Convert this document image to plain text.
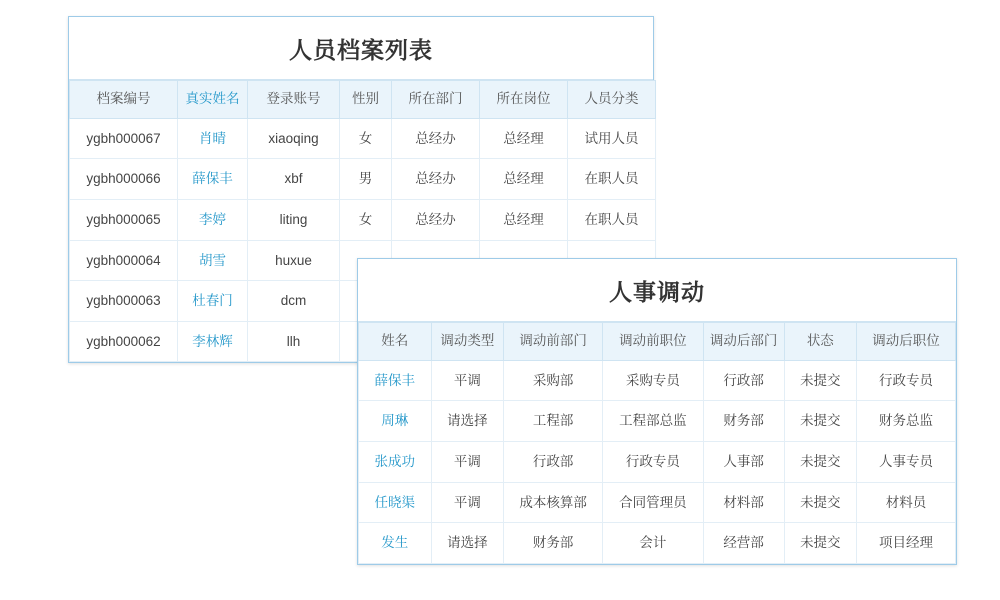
人员档案列表
档案编号	真实姓名	登录账号	性别	所在部门	所在岗位	人员分类
ygbh000067	肖晴	xiaoqing	女	总经办	总经理	试用人员
ygbh000066	薛保丰	xbf	男	总经办	总经理	在职人员
ygbh000065	李婷	liting	女	总经办	总经理	在职人员
ygbh000064	胡雪	huxue				
ygbh000063	杜春门	dcm				
ygbh000062	李林辉	llh				
人事调动
姓名	调动类型	调动前部门	调动前职位	调动后部门	状态	调动后职位
薛保丰	平调	采购部	采购专员	行政部	未提交	行政专员
周琳	请选择	工程部	工程部总监	财务部	未提交	财务总监
张成功	平调	行政部	行政专员	人事部	未提交	人事专员
任晓渠	平调	成本核算部	合同管理员	材料部	未提交	材料员
发生	请选择	财务部	会计	经营部	未提交	项目经理
